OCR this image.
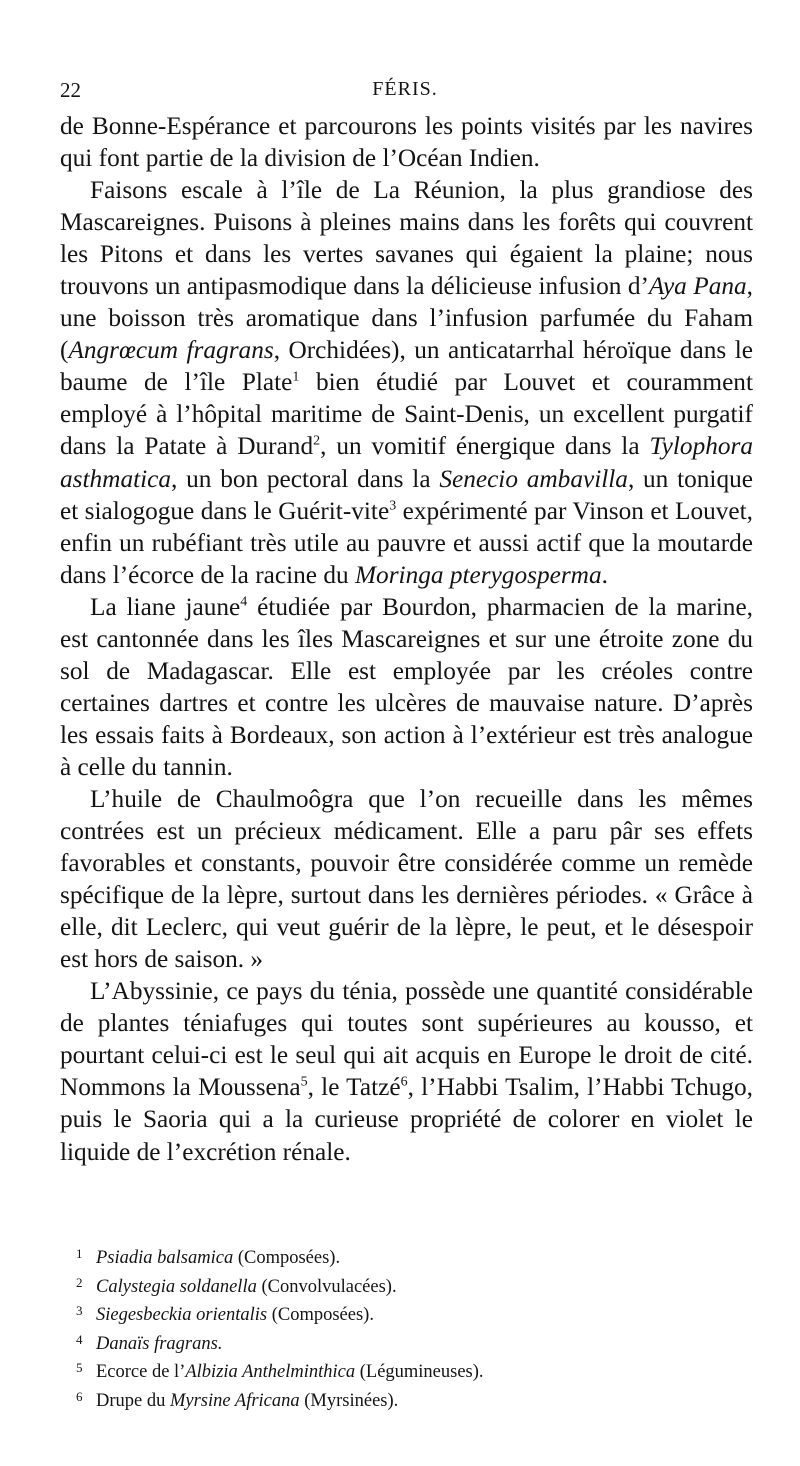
22	FÉRIS.

de Bonne-Espérance et parcourons les points visités par les navires qui font partie de la division de l’Océan Indien.

Faisons escale à l’île de La Réunion, la plus grandiose des Mascareignes. Puisons à pleines mains dans les forêts qui couvrent les Pitons et dans les vertes savanes qui égaient la plaine; nous trouvons un antipasmodique dans la délicieuse infusion d’Aya Pana, une boisson très aromatique dans l’infusion parfumée du Faham (Angrœcum fragrans, Orchidées), un anticatarrhal héroïque dans le baume de l’île Plate$^1$ bien étudié par Louvet et couramment employé à l’hôpital maritime de Saint-Denis, un excellent purgatif dans la Patate à Durand$^2$, un vomitif énergique dans la Tylophora asthmatica, un bon pectoral dans la Senecio ambavilla, un tonique et sialogogue dans le Guérit-vite$^3$ expérimenté par Vinson et Louvet, enfin un rubéfiant très utile au pauvre et aussi actif que la moutarde dans l’écorce de la racine du Moringa pterygosperma.

La liane jaune$^4$ étudiée par Bourdon, pharmacien de la marine, est cantonnée dans les îles Mascareignes et sur une étroite zone du sol de Madagascar. Elle est employée par les créoles contre certaines dartres et contre les ulcères de mauvaise nature. D’après les essais faits à Bordeaux, son action à l’extérieur est très analogue à celle du tannin.

L’huile de Chaulmoôgra que l’on recueille dans les mêmes contrées est un précieux médicament. Elle a paru pâr ses effets favorables et constants, pouvoir être considérée comme un remède spécifique de la lèpre, surtout dans les dernières périodes. « Grâce à elle, dit Leclerc, qui veut guérir de la lèpre, le peut, et le désespoir est hors de saison. »

L’Abyssinie, ce pays du ténia, possède une quantité considérable de plantes téniafuges qui toutes sont supérieures au kousso, et pourtant celui-ci est le seul qui ait acquis en Europe le droit de cité. Nommons la Moussena$^5$, le Tatzé$^6$, l’Habbi Tsalim, l’Habbi Tchugo, puis le Saoria qui a la curieuse propriété de colorer en violet le liquide de l’excrétion rénale.

1 Psiadia balsamica (Composées).

2 Calystegia soldanella (Convolvulacées).

3 Siegesbeckia orientalis (Composées).

4 Danaïs fragrans.

5 Ecorce de l’Albizia Anthelminthica (Légumineuses).

6 Drupe du Myrsine Africana (Myrsinées).
